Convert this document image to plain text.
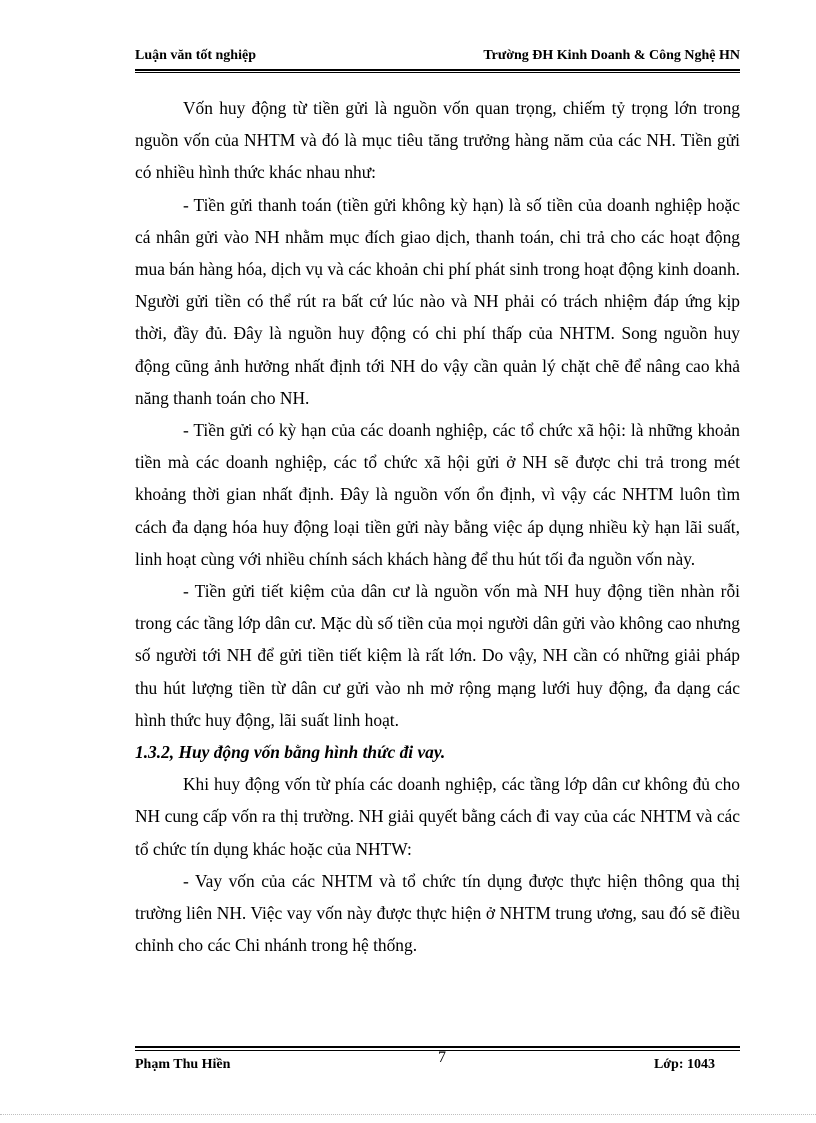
Luận văn tốt nghiệp	Trường ĐH Kinh Doanh & Công Nghệ HN

Vốn huy động từ tiền gửi là nguồn vốn quan trọng, chiếm tỷ trọng lớn trong nguồn vốn của NHTM và đó là mục tiêu tăng trưởng hàng năm của các NH. Tiền gửi có nhiều hình thức khác nhau như:

- Tiền gửi thanh toán (tiền gửi không kỳ hạn) là số tiền của doanh nghiệp hoặc cá nhân gửi vào NH nhằm mục đích giao dịch, thanh toán, chi trả cho các hoạt động mua bán hàng hóa, dịch vụ và các khoản chi phí phát sinh trong hoạt động kinh doanh. Người gửi tiền có thể rút ra bất cứ lúc nào và NH phải có trách nhiệm đáp ứng kịp thời, đầy đủ. Đây là nguồn huy động có chi phí thấp của NHTM. Song nguồn huy động cũng ảnh hưởng nhất định tới NH do vậy cần quản lý chặt chẽ để nâng cao khả năng thanh toán cho NH.

- Tiền gửi có kỳ hạn của các doanh nghiệp, các tổ chức xã hội: là những khoản tiền mà các doanh nghiệp, các tổ chức xã hội gửi ở NH sẽ được chi trả trong mét khoảng thời gian nhất định. Đây là nguồn vốn ổn định, vì vậy các NHTM luôn tìm cách đa dạng hóa huy động loại tiền gửi này bằng việc áp dụng nhiều kỳ hạn lãi suất, linh hoạt cùng với nhiều chính sách khách hàng để thu hút tối đa nguồn vốn này.

- Tiền gửi tiết kiệm của dân cư là nguồn vốn mà NH huy động tiền nhàn rỗi trong các tầng lớp dân cư. Mặc dù số tiền của mọi người dân gửi vào không cao nhưng số người tới NH để gửi tiền tiết kiệm là rất lớn. Do vậy, NH cần có những giải pháp thu hút lượng tiền từ dân cư gửi vào nh mở rộng mạng lưới huy động, đa dạng các hình thức huy động, lãi suất linh hoạt.

1.3.2, Huy động vốn bằng hình thức đi vay.

Khi huy động vốn từ phía các doanh nghiệp, các tầng lớp dân cư không đủ cho NH cung cấp vốn ra thị trường. NH giải quyết bằng cách đi vay của các NHTM và các tổ chức tín dụng khác hoặc của NHTW:

- Vay vốn của các NHTM và tổ chức tín dụng được thực hiện thông qua thị trường liên NH. Việc vay vốn này được thực hiện ở NHTM trung ương, sau đó sẽ điều chỉnh cho các Chi nhánh trong hệ thống.

7
Phạm Thu Hiền	Lớp: 1043
